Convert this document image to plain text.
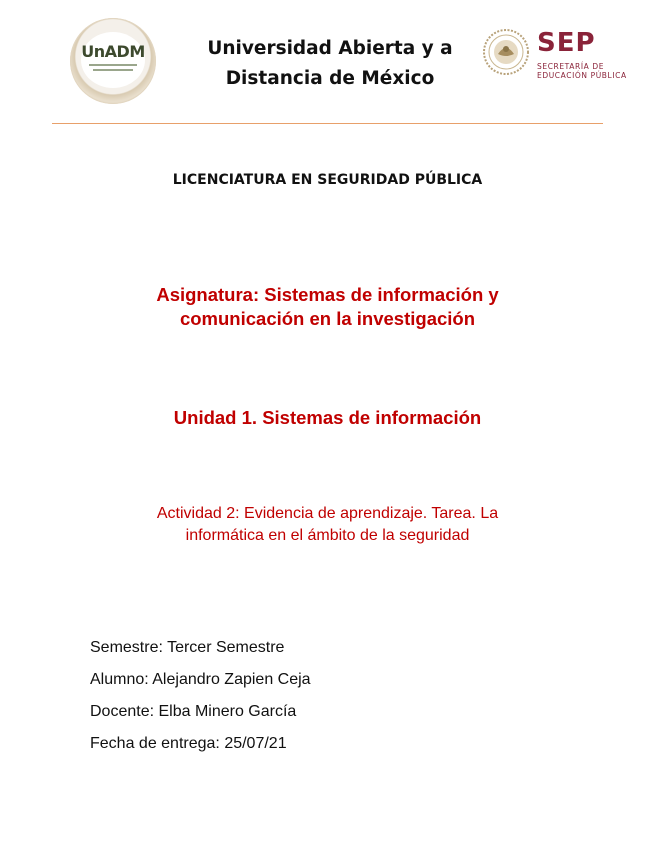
UnADM	Universidad Abierta y a
Distancia de México
SEP
SECRETARÍA DE
EDUCACIÓN PÚBLICA
LICENCIATURA EN SEGURIDAD PÚBLICA
Asignatura: Sistemas de información y
comunicación en la investigación
Unidad 1. Sistemas de información
Actividad 2: Evidencia de aprendizaje. Tarea. La
informática en el ámbito de la seguridad
Semestre: Tercer Semestre
Alumno: Alejandro Zapien Ceja
Docente: Elba Minero García
Fecha de entrega: 25/07/21
